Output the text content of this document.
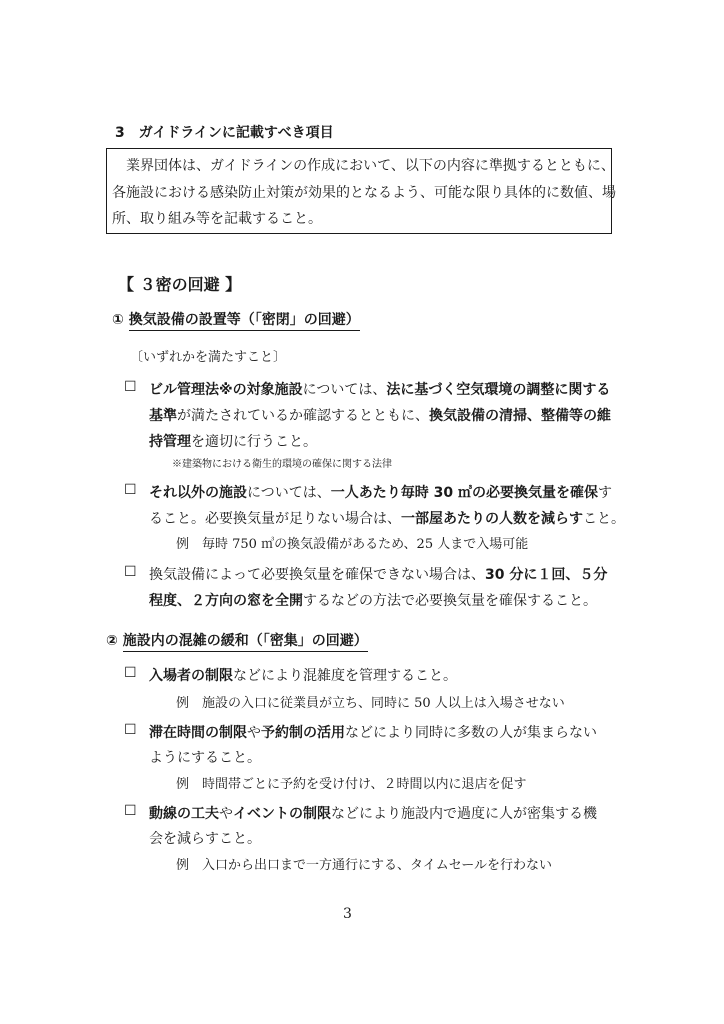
3　ガイドラインに記載すべき項目
　業界団体は、ガイドラインの作成において、以下の内容に準拠するとともに、
各施設における感染防止対策が効果的となるよう、可能な限り具体的に数値、場
所、取り組み等を記載すること。
【 ３密の回避 】
① 換気設備の設置等（「密閉」の回避）
〔いずれかを満たすこと〕
☐ ビル管理法※の対象施設については、法に基づく空気環境の調整に関する
基準が満たされているか確認するとともに、換気設備の清掃、整備等の維
持管理を適切に行うこと。
※建築物における衛生的環境の確保に関する法律
☐ それ以外の施設については、一人あたり毎時 30 ㎥の必要換気量を確保す
ること。必要換気量が足りない場合は、一部屋あたりの人数を減らすこと。
例　毎時 750 ㎥の換気設備があるため、25 人まで入場可能
☐ 換気設備によって必要換気量を確保できない場合は、30 分に１回、５分
程度、２方向の窓を全開するなどの方法で必要換気量を確保すること。
② 施設内の混雑の緩和（「密集」の回避）
☐ 入場者の制限などにより混雑度を管理すること。
例　施設の入口に従業員が立ち、同時に 50 人以上は入場させない
☐ 滞在時間の制限や予約制の活用などにより同時に多数の人が集まらない
ようにすること。
例　時間帯ごとに予約を受け付け、２時間以内に退店を促す
☐ 動線の工夫やイベントの制限などにより施設内で過度に人が密集する機
会を減らすこと。
例　入口から出口まで一方通行にする、タイムセールを行わない
3
